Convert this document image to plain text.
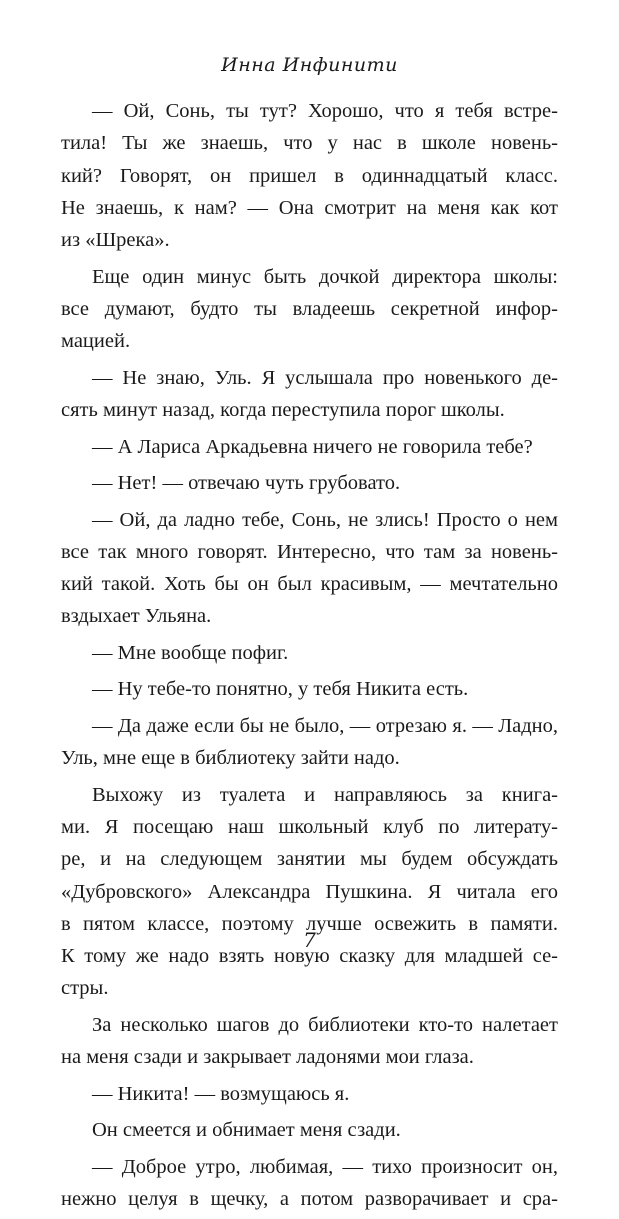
Инна Инфинити
— Ой, Сонь, ты тут? Хорошо, что я тебя встре-
тила! Ты же знаешь, что у нас в школе новень-
кий? Говорят, он пришел в одиннадцатый класс.
Не знаешь, к нам? — Она смотрит на меня как кот
из «Шрека».
Еще один минус быть дочкой директора школы:
все думают, будто ты владеешь секретной инфор-
мацией.
— Не знаю, Уль. Я услышала про новенького де-
сять минут назад, когда переступила порог школы.
— А Лариса Аркадьевна ничего не говорила тебе?
— Нет! — отвечаю чуть грубовато.
— Ой, да ладно тебе, Сонь, не злись! Просто о нем
все так много говорят. Интересно, что там за новень-
кий такой. Хоть бы он был красивым, — мечтательно
вздыхает Ульяна.
— Мне вообще пофиг.
— Ну тебе-то понятно, у тебя Никита есть.
— Да даже если бы не было, — отрезаю я. — Ладно,
Уль, мне еще в библиотеку зайти надо.
Выхожу из туалета и направляюсь за книга-
ми. Я посещаю наш школьный клуб по литерату-
ре, и на следующем занятии мы будем обсуждать
«Дубровского» Александра Пушкина. Я читала его
в пятом классе, поэтому лучше освежить в памяти.
К тому же надо взять новую сказку для младшей се-
стры.
За несколько шагов до библиотеки кто-то налетает
на меня сзади и закрывает ладонями мои глаза.
— Никита! — возмущаюсь я.
Он смеется и обнимает меня сзади.
— Доброе утро, любимая, — тихо произносит он,
нежно целуя в щечку, а потом разворачивает и сра-
7
